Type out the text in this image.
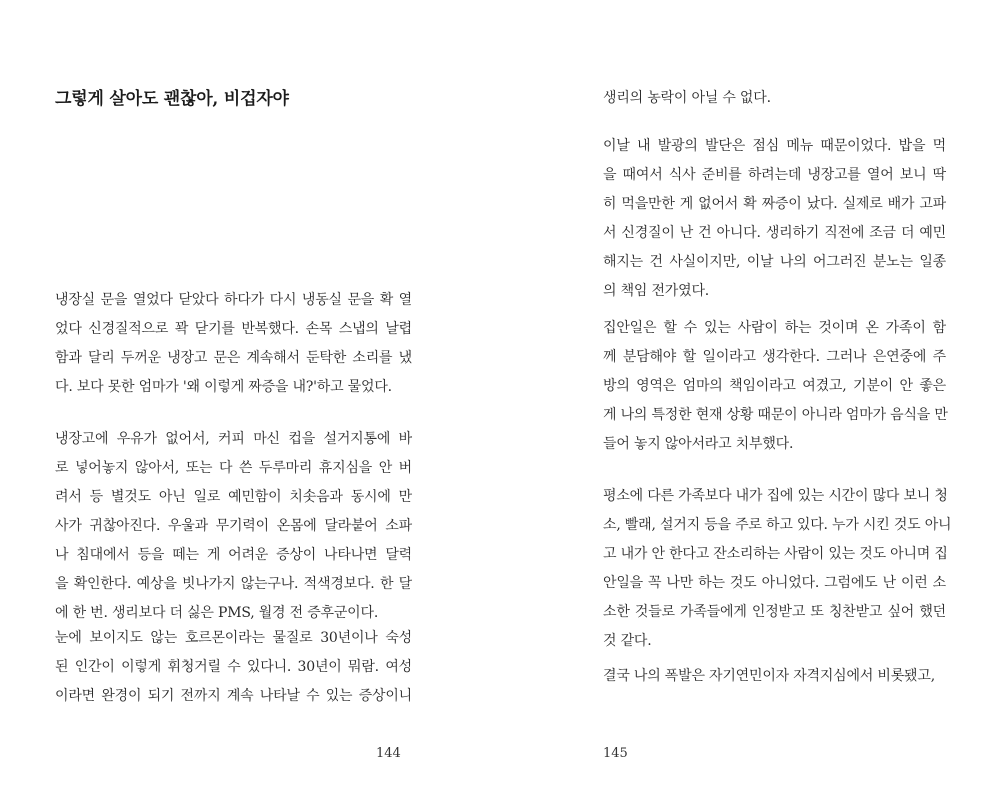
그렇게 살아도 괜찮아, 비겁자야
냉장실 문을 열었다 닫았다 하다가 다시 냉동실 문을 확 열
었다 신경질적으로 꽉 닫기를 반복했다. 손목 스냅의 날렵
함과 달리 두꺼운 냉장고 문은 계속해서 둔탁한 소리를 냈
다. 보다 못한 엄마가 '왜 이렇게 짜증을 내?'하고 물었다.
냉장고에 우유가 없어서, 커피 마신 컵을 설거지통에 바
로 넣어놓지 않아서, 또는 다 쓴 두루마리 휴지심을 안 버
려서 등 별것도 아닌 일로 예민함이 치솟음과 동시에 만
사가 귀찮아진다. 우울과 무기력이 온몸에 달라붙어 소파
나 침대에서 등을 떼는 게 어려운 증상이 나타나면 달력
을 확인한다. 예상을 빗나가지 않는구나. 적색경보다. 한 달
에 한 번. 생리보다 더 싫은 PMS, 월경 전 증후군이다.
눈에 보이지도 않는 호르몬이라는 물질로 30년이나 숙성
된 인간이 이렇게 휘청거릴 수 있다니. 30년이 뭐람. 여성
이라면 완경이 되기 전까지 계속 나타날 수 있는 증상이니
144
생리의 농락이 아닐 수 없다.
이날 내 발광의 발단은 점심 메뉴 때문이었다. 밥을 먹
을 때여서 식사 준비를 하려는데 냉장고를 열어 보니 딱
히 먹을만한 게 없어서 확 짜증이 났다. 실제로 배가 고파
서 신경질이 난 건 아니다. 생리하기 직전에 조금 더 예민
해지는 건 사실이지만, 이날 나의 어그러진 분노는 일종
의 책임 전가였다.
집안일은 할 수 있는 사람이 하는 것이며 온 가족이 함
께 분담해야 할 일이라고 생각한다. 그러나 은연중에 주
방의 영역은 엄마의 책임이라고 여겼고, 기분이 안 좋은
게 나의 특정한 현재 상황 때문이 아니라 엄마가 음식을 만
들어 놓지 않아서라고 치부했다.
평소에 다른 가족보다 내가 집에 있는 시간이 많다 보니 청
소, 빨래, 설거지 등을 주로 하고 있다. 누가 시킨 것도 아니
고 내가 안 한다고 잔소리하는 사람이 있는 것도 아니며 집
안일을 꼭 나만 하는 것도 아니었다. 그럼에도 난 이런 소
소한 것들로 가족들에게 인정받고 또 칭찬받고 싶어 했던
것 같다.
결국 나의 폭발은 자기연민이자 자격지심에서 비롯됐고,
145
